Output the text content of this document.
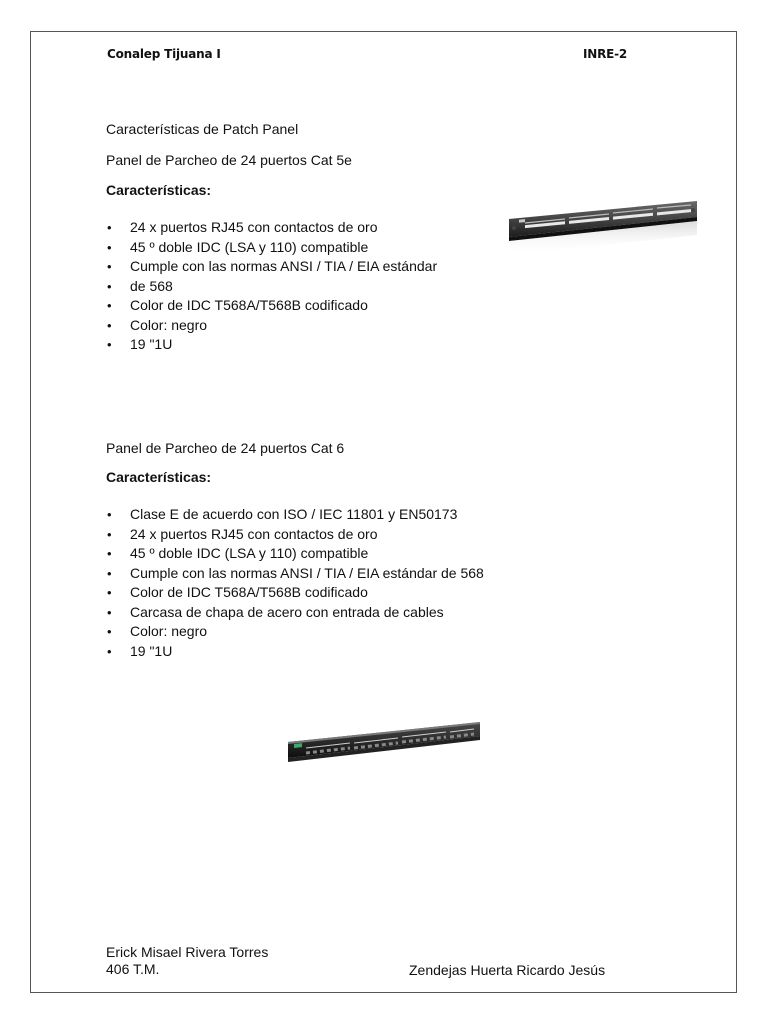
Conalep Tijuana I	INRE-2
Características de Patch Panel
Panel de Parcheo de 24 puertos Cat 5e
Características:
• 24 x puertos RJ45 con contactos de oro
• 45 º doble IDC (LSA y 110) compatible
• Cumple con las normas ANSI / TIA / EIA estándar
• de 568
• Color de IDC T568A/T568B codificado
• Color: negro
• 19 "1U
Panel de Parcheo de 24 puertos Cat 6
Características:
• Clase E de acuerdo con ISO / IEC 11801 y EN50173
• 24 x puertos RJ45 con contactos de oro
• 45 º doble IDC (LSA y 110) compatible
• Cumple con las normas ANSI / TIA / EIA estándar de 568
• Color de IDC T568A/T568B codificado
• Carcasa de chapa de acero con entrada de cables
• Color: negro
• 19 "1U
Erick Misael Rivera Torres
406 T.M.	Zendejas Huerta Ricardo Jesús
